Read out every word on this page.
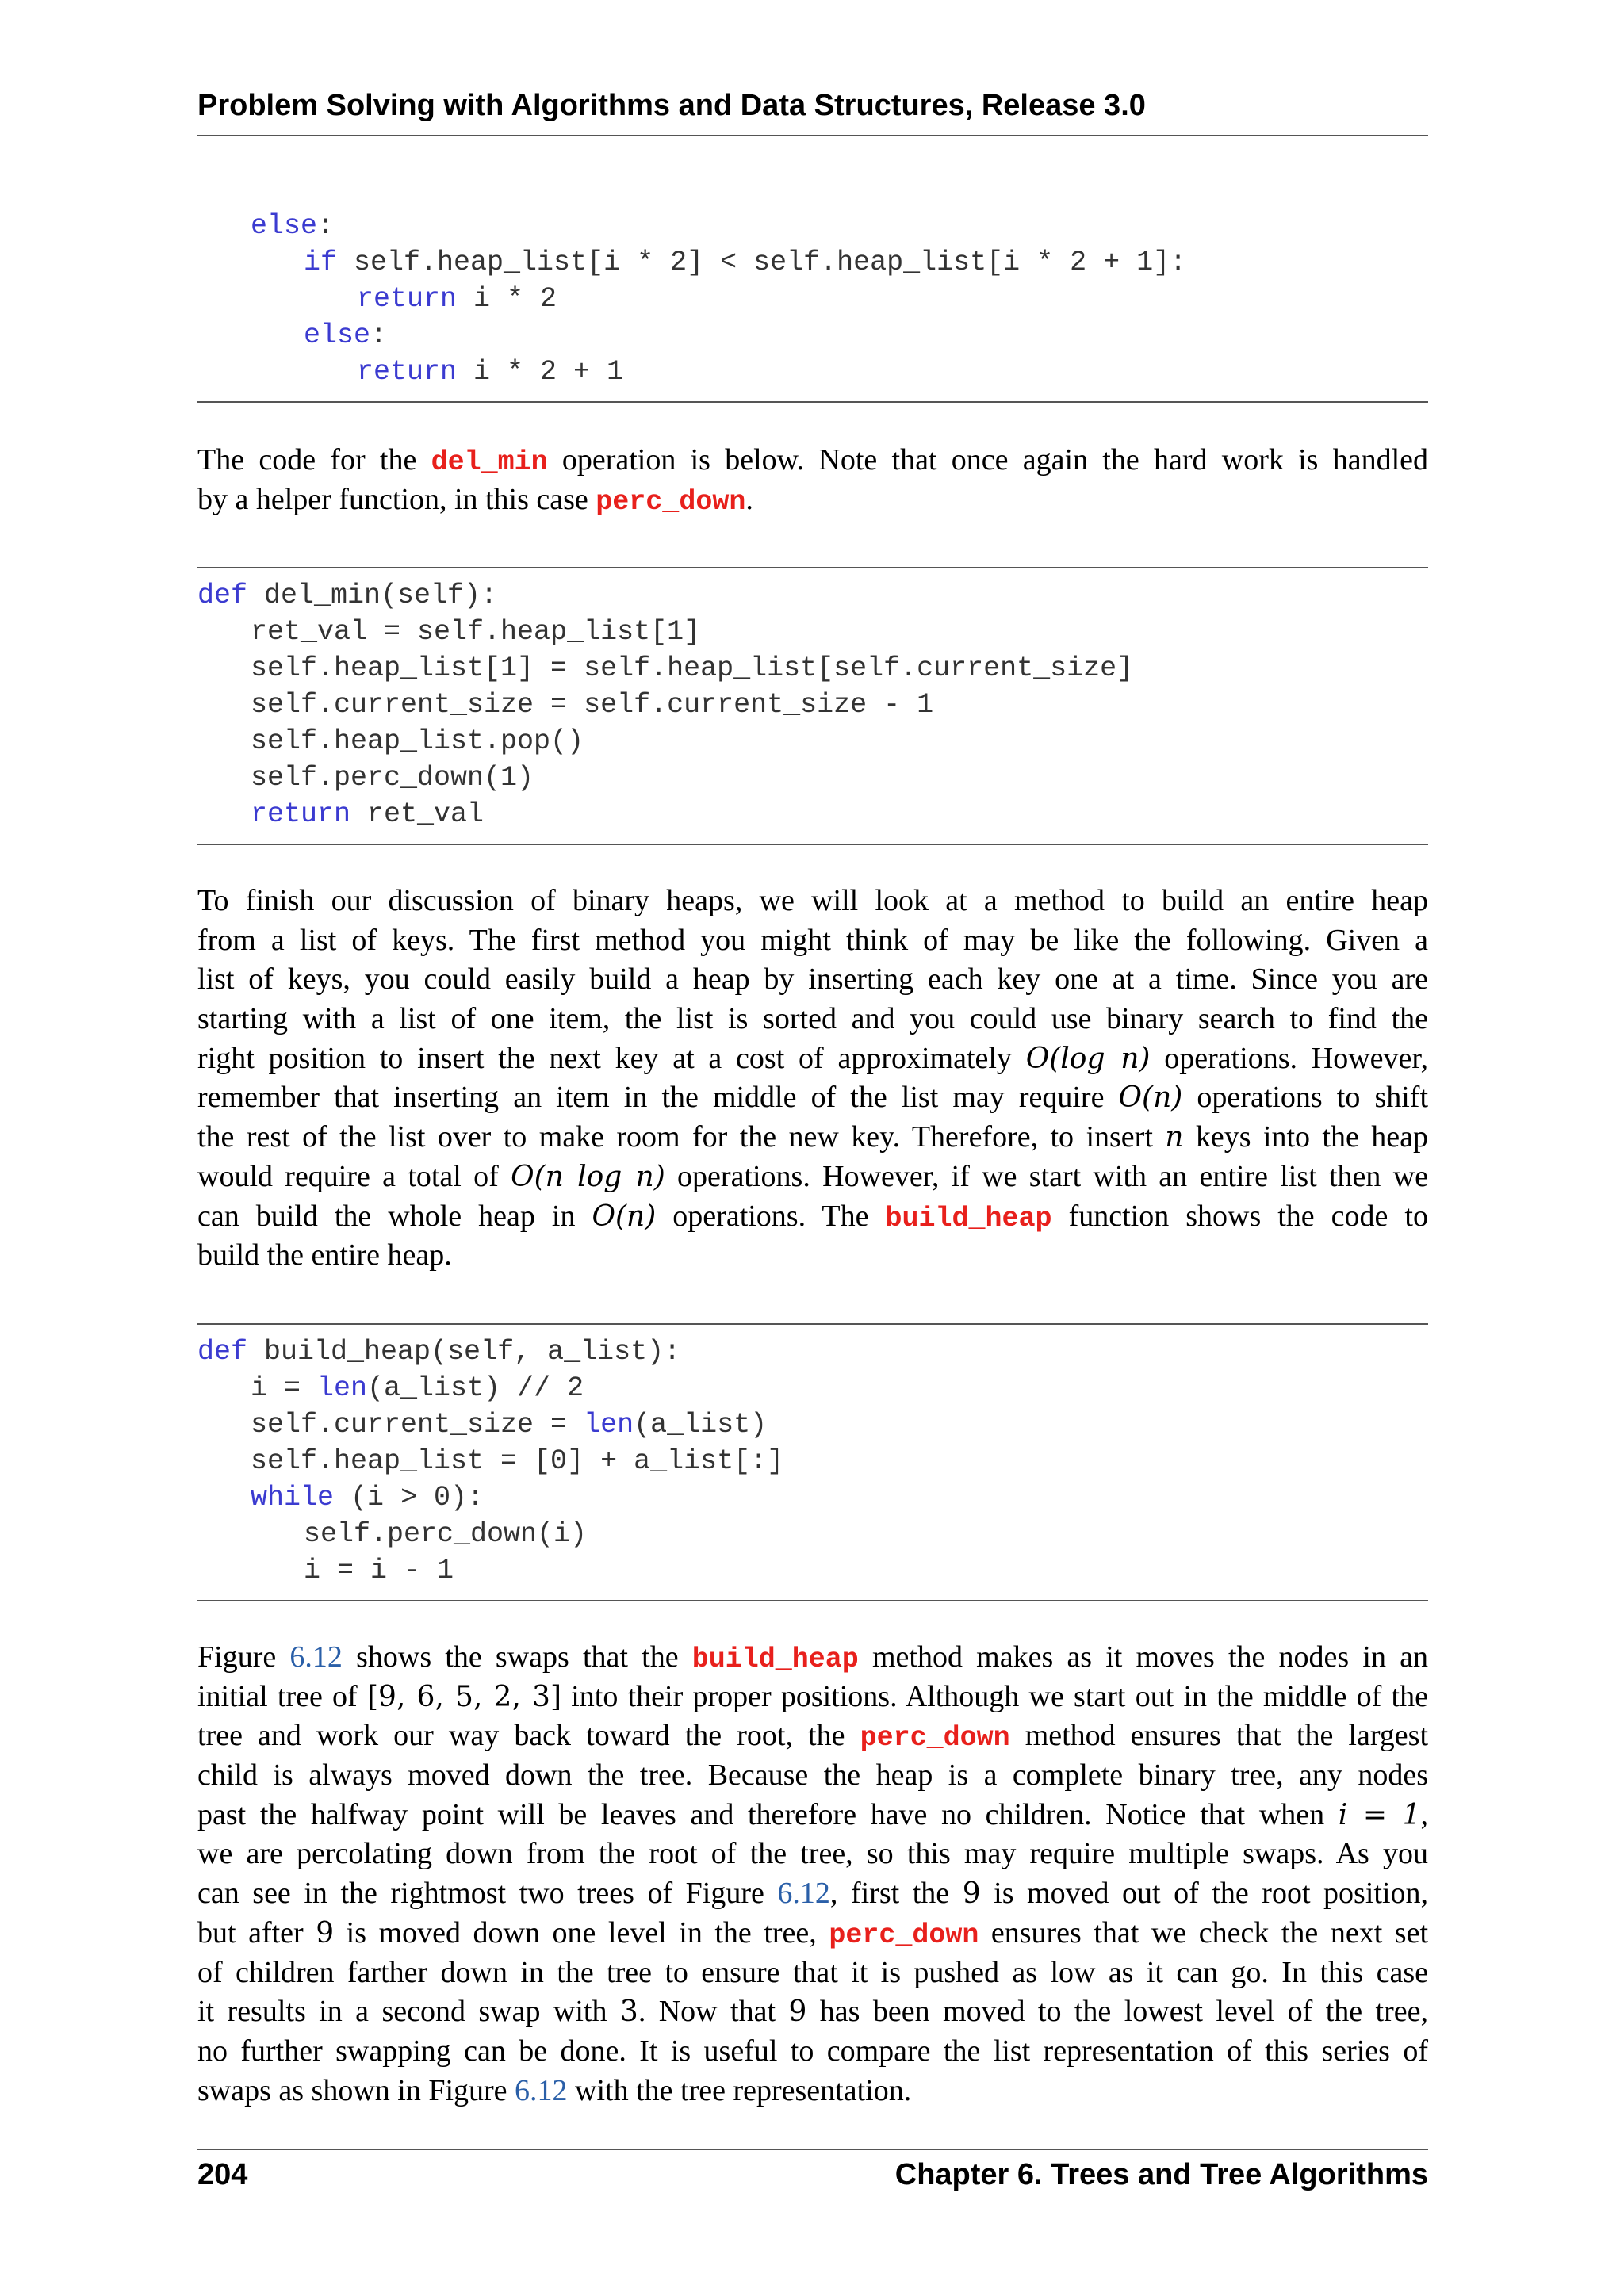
Problem Solving with Algorithms and Data Structures, Release 3.0
else:
if self.heap_list[i * 2] < self.heap_list[i * 2 + 1]:
return i * 2
else:
return i * 2 + 1
The code for the del_min operation is below. Note that once again the hard work is handled
by a helper function, in this case perc_down.
def del_min(self):
ret_val = self.heap_list[1]
self.heap_list[1] = self.heap_list[self.current_size]
self.current_size = self.current_size - 1
self.heap_list.pop()
self.perc_down(1)
return ret_val
To finish our discussion of binary heaps, we will look at a method to build an entire heap
from a list of keys. The first method you might think of may be like the following. Given a
list of keys, you could easily build a heap by inserting each key one at a time. Since you are
starting with a list of one item, the list is sorted and you could use binary search to find the
right position to insert the next key at a cost of approximately O(log n) operations. However,
remember that inserting an item in the middle of the list may require O(n) operations to shift
the rest of the list over to make room for the new key. Therefore, to insert n keys into the heap
would require a total of O(n log n) operations. However, if we start with an entire list then we
can build the whole heap in O(n) operations. The build_heap function shows the code to
build the entire heap.
def build_heap(self, a_list):
i = len(a_list) // 2
self.current_size = len(a_list)
self.heap_list = [0] + a_list[:]
while (i > 0):
self.perc_down(i)
i = i - 1
Figure 6.12 shows the swaps that the build_heap method makes as it moves the nodes in an
initial tree of [9, 6, 5, 2, 3] into their proper positions. Although we start out in the middle of the
tree and work our way back toward the root, the perc_down method ensures that the largest
child is always moved down the tree. Because the heap is a complete binary tree, any nodes
past the halfway point will be leaves and therefore have no children. Notice that when i = 1,
we are percolating down from the root of the tree, so this may require multiple swaps. As you
can see in the rightmost two trees of Figure 6.12, first the 9 is moved out of the root position,
but after 9 is moved down one level in the tree, perc_down ensures that we check the next set
of children farther down in the tree to ensure that it is pushed as low as it can go. In this case
it results in a second swap with 3. Now that 9 has been moved to the lowest level of the tree,
no further swapping can be done. It is useful to compare the list representation of this series of
swaps as shown in Figure 6.12 with the tree representation.
204	Chapter 6. Trees and Tree Algorithms
